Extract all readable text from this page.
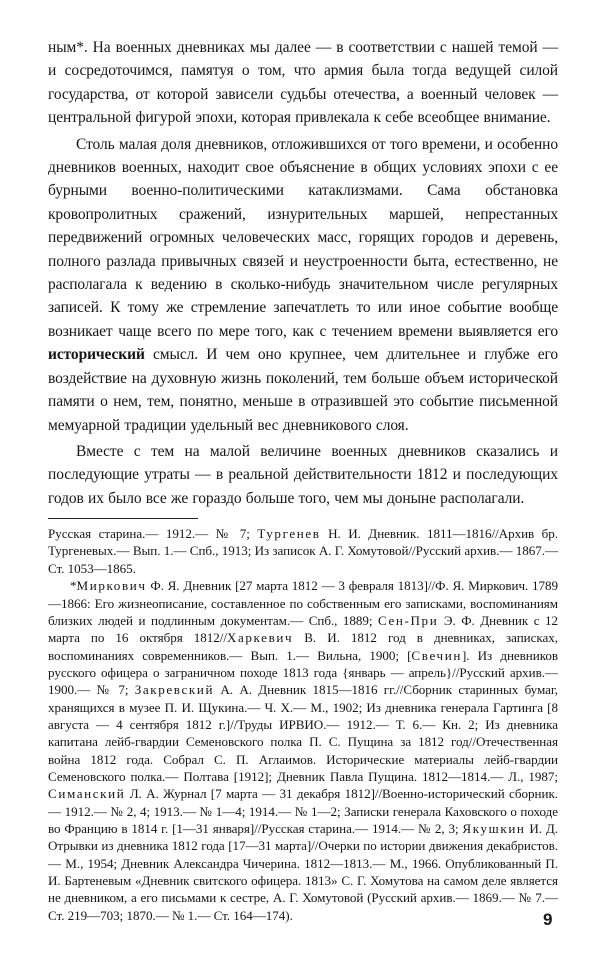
ным*. На военных дневниках мы далее — в соответствии с нашей темой — и сосредоточимся, памятуя о том, что армия была тогда ведущей силой государства, от которой зависели судьбы отечества, а военный человек — центральной фигурой эпохи, которая привлекала к себе всеобщее внимание.

Столь малая доля дневников, отложившихся от того времени, и особенно дневников военных, находит свое объяснение в общих условиях эпохи с ее бурными военно-политическими катаклизмами. Сама обстановка кровопролитных сражений, изнурительных маршей, непрестанных передвижений огромных человеческих масс, горящих городов и деревень, полного разлада привычных связей и неустроенности быта, естественно, не располагала к ведению в сколько-нибудь значительном числе регулярных записей. К тому же стремление запечатлеть то или иное событие вообще возникает чаще всего по мере того, как с течением времени выявляется его исторический смысл. И чем оно крупнее, чем длительнее и глубже его воздействие на духовную жизнь поколений, тем больше объем исторической памяти о нем, тем, понятно, меньше в отразившей это событие письменной мемуарной традиции удельный вес дневникового слоя.

Вместе с тем на малой величине военных дневников сказались и последующие утраты — в реальной действительности 1812 и последующих годов их было все же гораздо больше того, чем мы доныне располагали.

Русская старина.— 1912.— № 7; Тургенев Н. И. Дневник. 1811—1816//Архив бр. Тургеневых.— Вып. 1.— Спб., 1913; Из записок А. Г. Хомутовой//Русский архив.— 1867.— Ст. 1053—1865.

*Миркович Ф. Я. Дневник [27 марта 1812 — 3 февраля 1813]//Ф. Я. Миркович. 1789—1866: Его жизнеописание, составленное по собственным его записками, воспоминаниям близких людей и подлинным документам.— Спб., 1889; Сен-При Э. Ф. Дневник с 12 марта по 16 октября 1812//Харкевич В. И. 1812 год в дневниках, записках, воспоминаниях современников.— Вып. 1.— Вильна, 1900; [Свечин]. Из дневников русского офицера о заграничном походе 1813 года {январь — апрель}//Русский архив.— 1900.— № 7; Закревский А. А. Дневник 1815—1816 гг.//Сборник старинных бумаг, хранящихся в музее П. И. Щукина.— Ч. Х.— М., 1902; Из дневника генерала Гартинга [8 августа — 4 сентября 1812 г.]//Труды ИРВИО.— 1912.— Т. 6.— Кн. 2; Из дневника капитана лейб-гвардии Семеновского полка П. С. Пущина за 1812 год//Отечественная война 1812 года. Собрал С. П. Аглаимов. Исторические материалы лейб-гвардии Семеновского полка.— Полтава [1912]; Дневник Павла Пущина. 1812—1814.— Л., 1987; Симанский Л. А. Журнал [7 марта — 31 декабря 1812]//Военно-исторический сборник.— 1912.— № 2, 4; 1913.— № 1—4; 1914.— № 1—2; Записки генерала Каховского о походе во Францию в 1814 г. [1—31 января]//Русская старина.— 1914.— № 2, 3; Якушкин И. Д. Отрывки из дневника 1812 года [17—31 марта]//Очерки по истории движения декабристов.— М., 1954; Дневник Александра Чичерина. 1812—1813.— М., 1966. Опубликованный П. И. Бартеневым «Дневник свитского офицера. 1813» С. Г. Хомутова на самом деле является не дневником, а его письмами к сестре, А. Г. Хомутовой (Русский архив.— 1869.— № 7.— Ст. 219—703; 1870.— № 1.— Ст. 164—174).	9
